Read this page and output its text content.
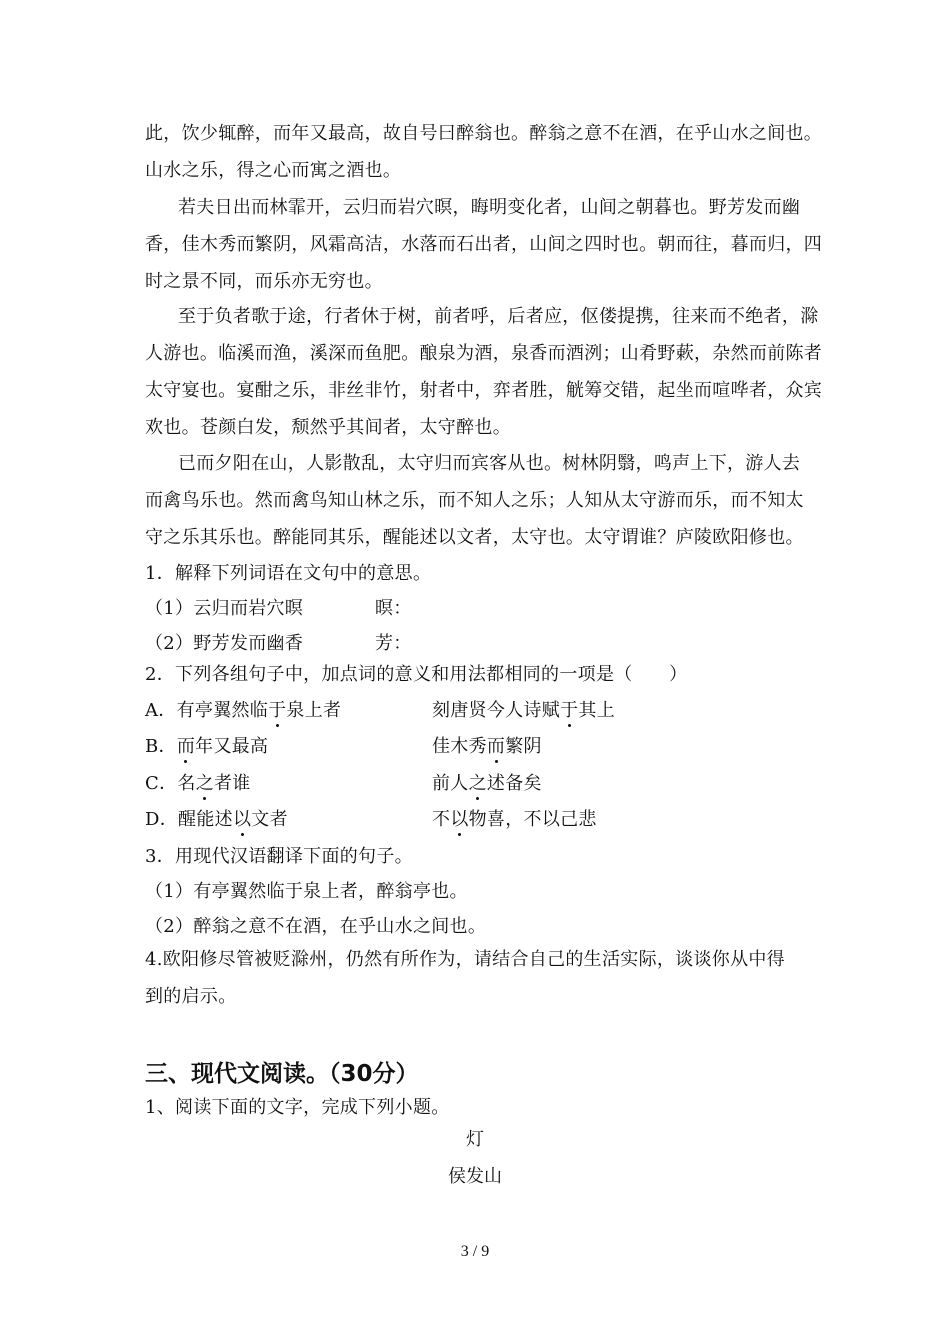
此，饮少辄醉，而年又最高，故自号曰醉翁也。醉翁之意不在酒，在乎山水之间也。
山水之乐，得之心而寓之酒也。
若夫日出而林霏开，云归而岩穴暝，晦明变化者，山间之朝暮也。野芳发而幽
香，佳木秀而繁阴，风霜高洁，水落而石出者，山间之四时也。朝而往，暮而归，四
时之景不同，而乐亦无穷也。
至于负者歌于途，行者休于树，前者呼，后者应，伛偻提携，往来而不绝者，滁
人游也。临溪而渔，溪深而鱼肥。酿泉为酒，泉香而酒洌；山肴野蔌，杂然而前陈者
太守宴也。宴酣之乐，非丝非竹，射者中，弈者胜，觥筹交错，起坐而喧哗者，众宾
欢也。苍颜白发，颓然乎其间者，太守醉也。
已而夕阳在山，人影散乱，太守归而宾客从也。树林阴翳，鸣声上下，游人去
而禽鸟乐也。然而禽鸟知山林之乐，而不知人之乐；人知从太守游而乐，而不知太
守之乐其乐也。醉能同其乐，醒能述以文者，太守也。太守谓谁？庐陵欧阳修也。
1．解释下列词语在文句中的意思。
（1）云归而岩穴暝	暝：
（2）野芳发而幽香	芳：
2．下列各组句子中，加点词的意义和用法都相同的一项是（　　）
A．有亭翼然临于泉上者	刻唐贤今人诗赋于其上
B．而年又最高	佳木秀而繁阴
C．名之者谁	前人之述备矣
D．醒能述以文者	不以物喜，不以己悲
3．用现代汉语翻译下面的句子。
（1）有亭翼然临于泉上者，醉翁亭也。
（2）醉翁之意不在酒，在乎山水之间也。
4.欧阳修尽管被贬滁州，仍然有所作为，请结合自己的生活实际，谈谈你从中得
到的启示。
三、现代文阅读。（30分）
1、阅读下面的文字，完成下列小题。
灯
侯发山
3 / 9
